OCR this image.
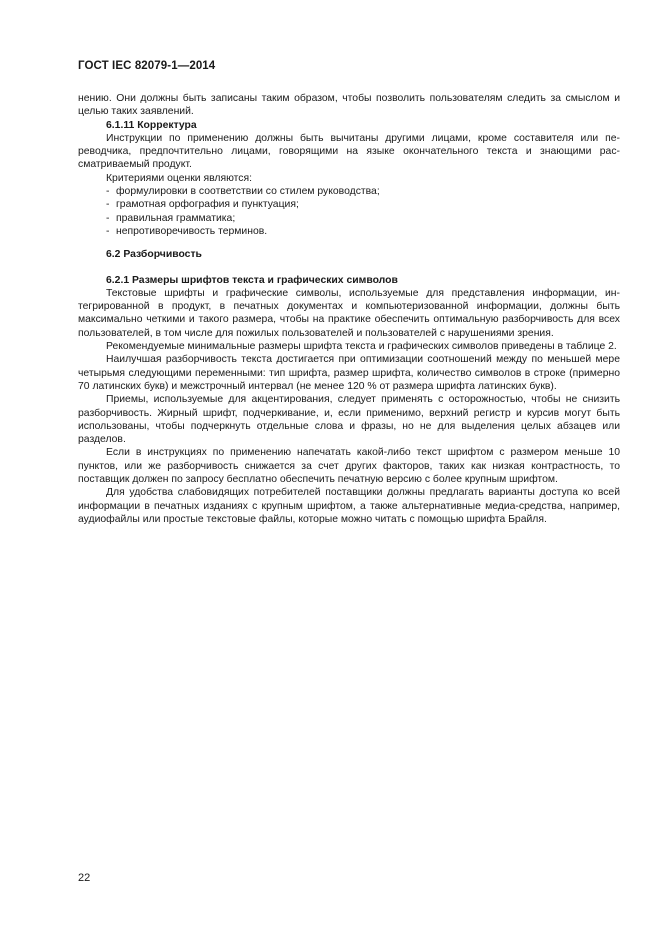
ГОСТ IEC 82079-1—2014

нению. Они должны быть записаны таким образом, чтобы позволить пользователям следить за смыслом и целью таких заявлений.

6.1.11 Корректура

Инструкции по применению должны быть вычитаны другими лицами, кроме составителя или переводчика, предпочтительно лицами, говорящими на языке окончательного текста и знающими рассматриваемый продукт.

Критериями оценки являются:

- формулировки в соответствии со стилем руководства;

- грамотная орфография и пунктуация;

- правильная грамматика;

- непротиворечивость терминов.

6.2 Разборчивость

6.2.1 Размеры шрифтов текста и графических символов

Текстовые шрифты и графические символы, используемые для представления информации, интегрированной в продукт, в печатных документах и компьютеризованной информации, должны быть максимально четкими и такого размера, чтобы на практике обеспечить оптимальную разборчивость для всех пользователей, в том числе для пожилых пользователей и пользователей с нарушениями зрения.

Рекомендуемые минимальные размеры шрифта текста и графических символов приведены в таблице 2.

Наилучшая разборчивость текста достигается при оптимизации соотношений между по меньшей мере четырьмя следующими переменными: тип шрифта, размер шрифта, количество символов в строке (примерно 70 латинских букв) и межстрочный интервал (не менее 120 % от размера шрифта латинских букв).

Приемы, используемые для акцентирования, следует применять с осторожностью, чтобы не снизить разборчивость. Жирный шрифт, подчеркивание, и, если применимо, верхний регистр и курсив могут быть использованы, чтобы подчеркнуть отдельные слова и фразы, но не для выделения целых абзацев или разделов.

Если в инструкциях по применению напечатать какой-либо текст шрифтом с размером меньше 10 пунктов, или же разборчивость снижается за счет других факторов, таких как низкая контрастность, то поставщик должен по запросу бесплатно обеспечить печатную версию с более крупным шрифтом.

Для удобства слабовидящих потребителей поставщики должны предлагать варианты доступа ко всей информации в печатных изданиях с крупным шрифтом, а также альтернативные медиа-средства, например, аудиофайлы или простые текстовые файлы, которые можно читать с помощью шрифта Брайля.

22
